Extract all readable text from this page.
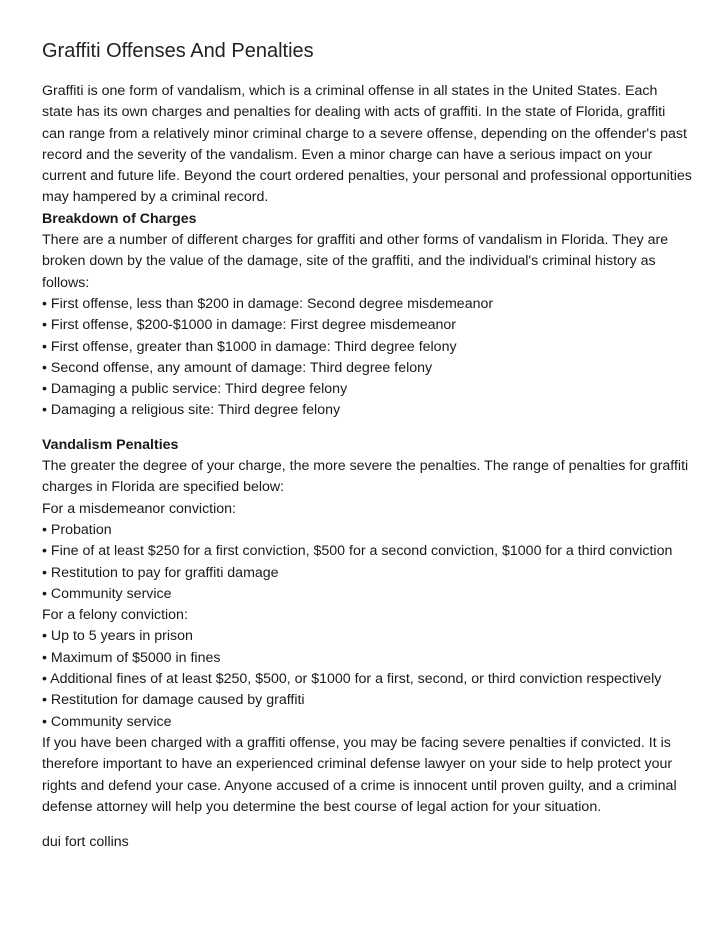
Graffiti Offenses And Penalties

Graffiti is one form of vandalism, which is a criminal offense in all states in the United States. Each state has its own charges and penalties for dealing with acts of graffiti. In the state of Florida, graffiti can range from a relatively minor criminal charge to a severe offense, depending on the offender's past record and the severity of the vandalism. Even a minor charge can have a serious impact on your current and future life. Beyond the court ordered penalties, your personal and professional opportunities may hampered by a criminal record.

Breakdown of Charges

There are a number of different charges for graffiti and other forms of vandalism in Florida. They are broken down by the value of the damage, site of the graffiti, and the individual's criminal history as follows:

• First offense, less than $200 in damage: Second degree misdemeanor
• First offense, $200-$1000 in damage: First degree misdemeanor
• First offense, greater than $1000 in damage: Third degree felony
• Second offense, any amount of damage: Third degree felony
• Damaging a public service: Third degree felony
• Damaging a religious site: Third degree felony

Vandalism Penalties

The greater the degree of your charge, the more severe the penalties. The range of penalties for graffiti charges in Florida are specified below:

For a misdemeanor conviction:

• Probation
• Fine of at least $250 for a first conviction, $500 for a second conviction, $1000 for a third conviction
• Restitution to pay for graffiti damage
• Community service

For a felony conviction:

• Up to 5 years in prison
• Maximum of $5000 in fines
• Additional fines of at least $250, $500, or $1000 for a first, second, or third conviction respectively
• Restitution for damage caused by graffiti
• Community service

If you have been charged with a graffiti offense, you may be facing severe penalties if convicted. It is therefore important to have an experienced criminal defense lawyer on your side to help protect your rights and defend your case. Anyone accused of a crime is innocent until proven guilty, and a criminal defense attorney will help you determine the best course of legal action for your situation.

dui fort collins
